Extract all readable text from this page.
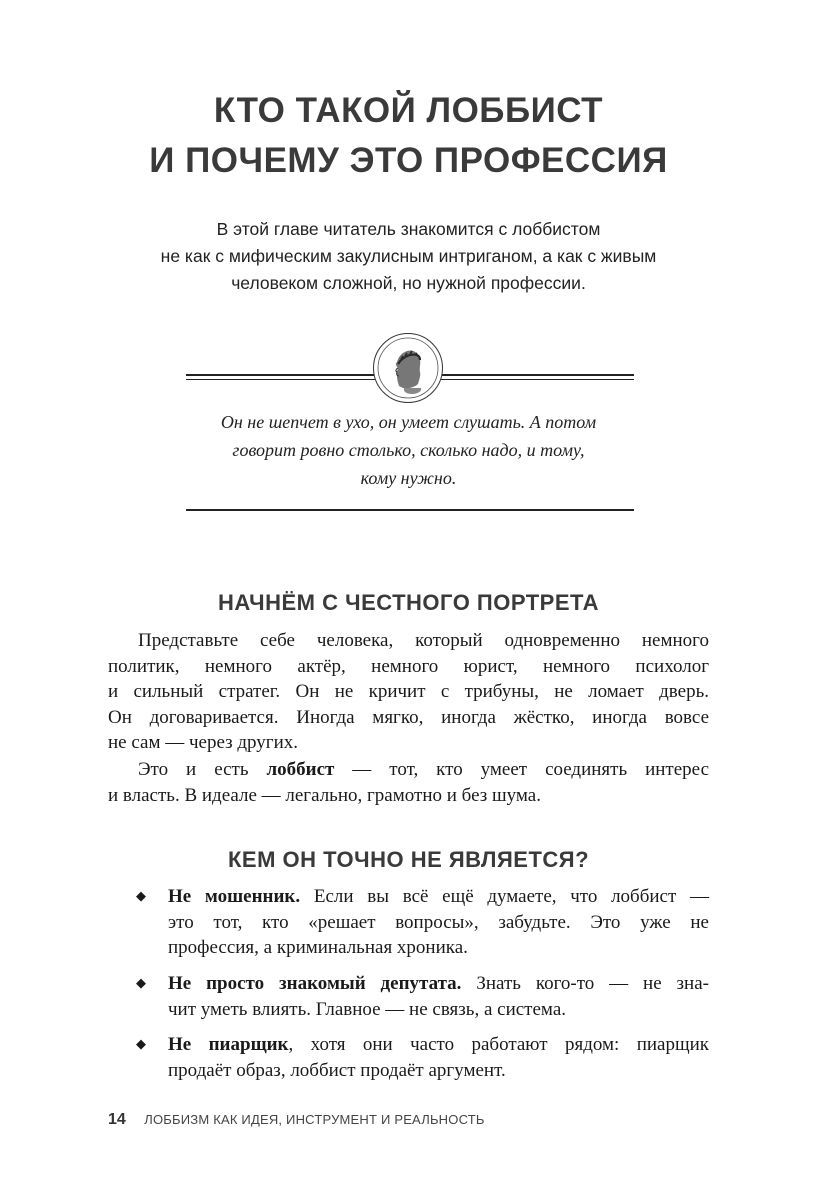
КТО ТАКОЙ ЛОББИСТ
И ПОЧЕМУ ЭТО ПРОФЕССИЯ
В этой главе читатель знакомится с лоббистом
не как с мифическим закулисным интриганом, а как с живым
человеком сложной, но нужной профессии.
Он не шепчет в ухо, он умеет слушать. А потом
говорит ровно столько, сколько надо, и тому,
кому нужно.
НАЧНЁМ С ЧЕСТНОГО ПОРТРЕТА
Представьте себе человека, который одновременно немного
политик, немного актёр, немного юрист, немного психолог
и сильный стратег. Он не кричит с трибуны, не ломает дверь.
Он договаривается. Иногда мягко, иногда жёстко, иногда вовсе
не сам — через других.
Это и есть лоббист — тот, кто умеет соединять интерес
и власть. В идеале — легально, грамотно и без шума.
КЕМ ОН ТОЧНО НЕ ЯВЛЯЕТСЯ?
◆ Не мошенник. Если вы всё ещё думаете, что лоббист —
это тот, кто «решает вопросы», забудьте. Это уже не
профессия, а криминальная хроника.
◆ Не просто знакомый депутата. Знать кого-то — не зна-
чит уметь влиять. Главное — не связь, а система.
◆ Не пиарщик, хотя они часто работают рядом: пиарщик
продаёт образ, лоббист продаёт аргумент.
14 ЛОББИЗМ КАК ИДЕЯ, ИНСТРУМЕНТ И РЕАЛЬНОСТЬ
